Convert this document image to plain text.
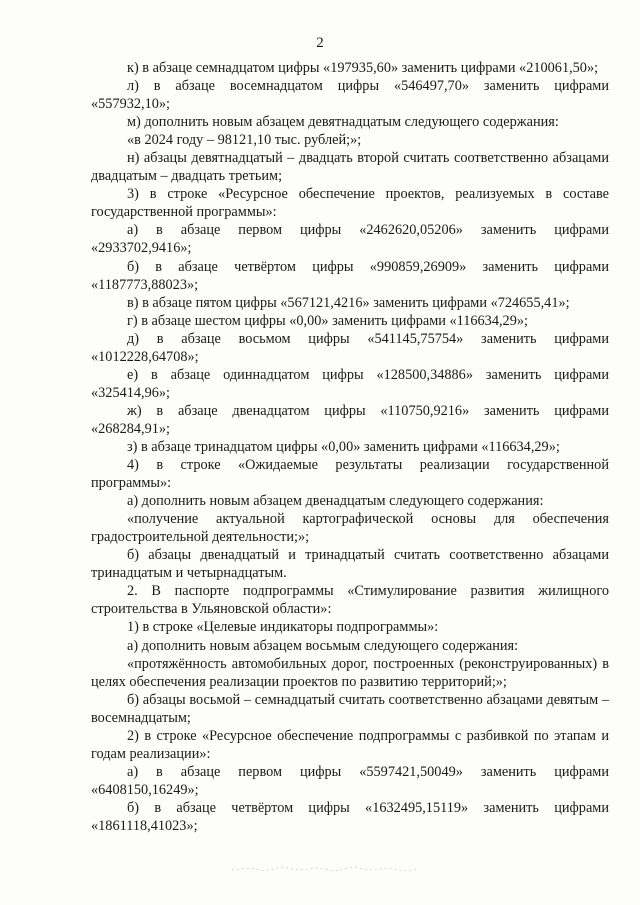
2

к) в абзаце семнадцатом цифры «197935,60» заменить цифрами «210061,50»;

л) в абзаце восемнадцатом цифры «546497,70» заменить цифрами «557932,10»;

м) дополнить новым абзацем девятнадцатым следующего содержания:

«в 2024 году – 98121,10 тыс. рублей;»;

н) абзацы девятнадцатый – двадцать второй считать соответственно абзацами двадцатым – двадцать третьим;

3) в строке «Ресурсное обеспечение проектов, реализуемых в составе государственной программы»:

а) в абзаце первом цифры «2462620,05206» заменить цифрами «2933702,9416»;

б) в абзаце четвёртом цифры «990859,26909» заменить цифрами «1187773,88023»;

в) в абзаце пятом цифры «567121,4216» заменить цифрами «724655,41»;

г) в абзаце шестом цифры «0,00» заменить цифрами «116634,29»;

д) в абзаце восьмом цифры «541145,75754» заменить цифрами «1012228,64708»;

е) в абзаце одиннадцатом цифры «128500,34886» заменить цифрами «325414,96»;

ж) в абзаце двенадцатом цифры «110750,9216» заменить цифрами «268284,91»;

з) в абзаце тринадцатом цифры «0,00» заменить цифрами «116634,29»;

4) в строке «Ожидаемые результаты реализации государственной программы»:

а) дополнить новым абзацем двенадцатым следующего содержания:

«получение актуальной картографической основы для обеспечения градостроительной деятельности;»;

б) абзацы двенадцатый и тринадцатый считать соответственно абзацами тринадцатым и четырнадцатым.

2. В паспорте подпрограммы «Стимулирование развития жилищного строительства в Ульяновской области»:

1) в строке «Целевые индикаторы подпрограммы»:

а) дополнить новым абзацем восьмым следующего содержания:

«протяжённость автомобильных дорог, построенных (реконструированных) в целях обеспечения реализации проектов по развитию территорий;»;

б) абзацы восьмой – семнадцатый считать соответственно абзацами девятым – восемнадцатым;

2) в строке «Ресурсное обеспечение подпрограммы с разбивкой по этапам и годам реализации»:

а) в абзаце первом цифры «5597421,50049» заменить цифрами «6408150,16249»;

б) в абзаце четвёртом цифры «1632495,15119» заменить цифрами «1861118,41023»;
